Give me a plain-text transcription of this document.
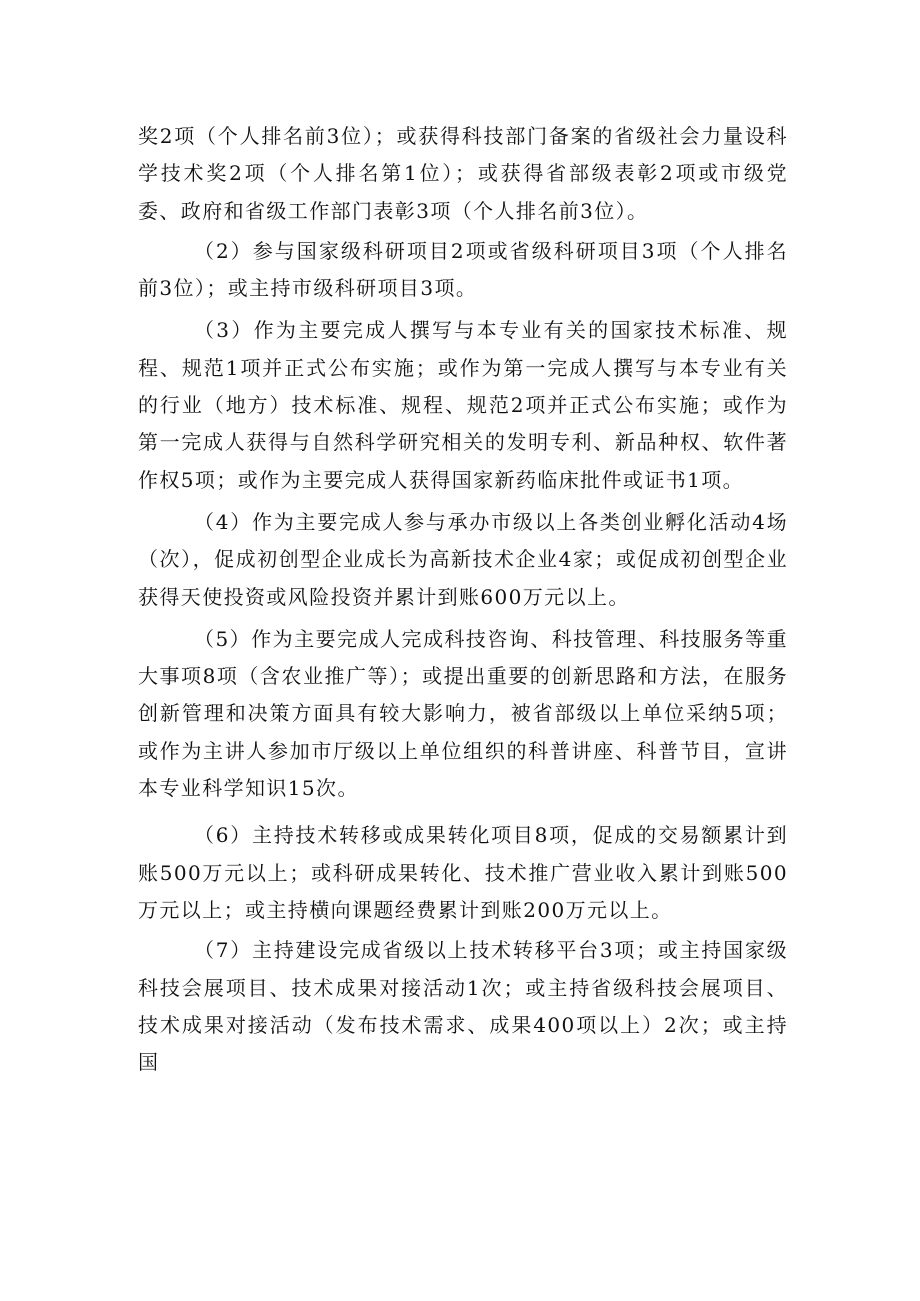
奖2项（个人排名前3位）；或获得科技部门备案的省级社会力量设科学技术奖2项（个人排名第1位）；或获得省部级表彰2项或市级党委、政府和省级工作部门表彰3项（个人排名前3位）。

（2）参与国家级科研项目2项或省级科研项目3项（个人排名前3位）；或主持市级科研项目3项。

（3）作为主要完成人撰写与本专业有关的国家技术标准、规程、规范1项并正式公布实施；或作为第一完成人撰写与本专业有关的行业（地方）技术标准、规程、规范2项并正式公布实施；或作为第一完成人获得与自然科学研究相关的发明专利、新品种权、软件著作权5项；或作为主要完成人获得国家新药临床批件或证书1项。

（4）作为主要完成人参与承办市级以上各类创业孵化活动4场（次），促成初创型企业成长为高新技术企业4家；或促成初创型企业获得天使投资或风险投资并累计到账600万元以上。

（5）作为主要完成人完成科技咨询、科技管理、科技服务等重大事项8项（含农业推广等）；或提出重要的创新思路和方法，在服务创新管理和决策方面具有较大影响力，被省部级以上单位采纳5项；或作为主讲人参加市厅级以上单位组织的科普讲座、科普节目，宣讲本专业科学知识15次。

（6）主持技术转移或成果转化项目8项，促成的交易额累计到账500万元以上；或科研成果转化、技术推广营业收入累计到账500万元以上；或主持横向课题经费累计到账200万元以上。

（7）主持建设完成省级以上技术转移平台3项；或主持国家级科技会展项目、技术成果对接活动1次；或主持省级科技会展项目、技术成果对接活动（发布技术需求、成果400项以上）2次；或主持国
